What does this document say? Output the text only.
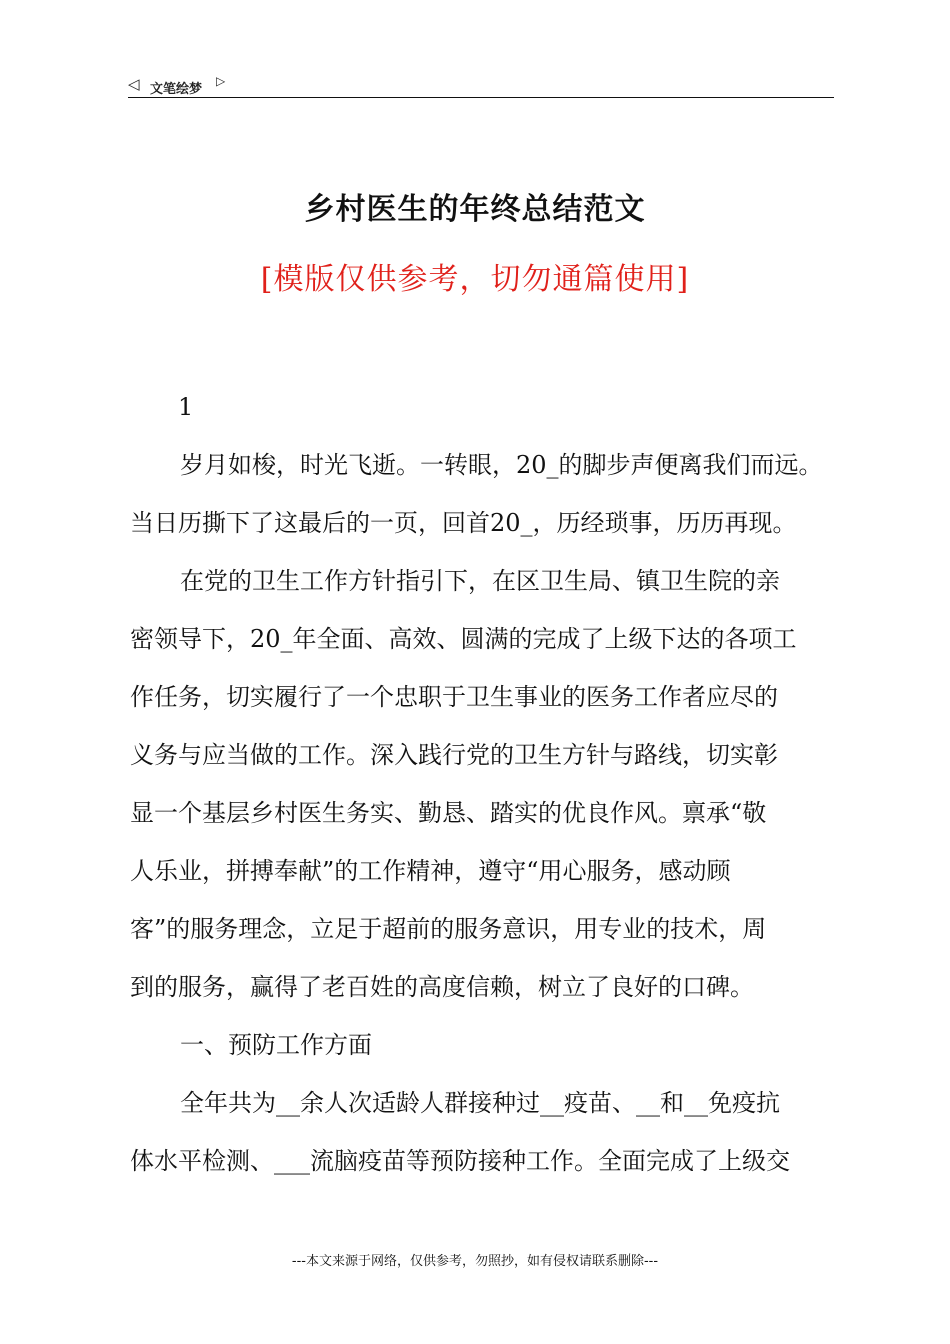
◁ 文笔绘梦
▷
乡村医生的年终总结范文
[模版仅供参考，切勿通篇使用]
1
岁月如梭，时光飞逝。一转眼，20_的脚步声便离我们而远。
当日历撕下了这最后的一页，回首20_，历经琐事，历历再现。
在党的卫生工作方针指引下，在区卫生局、镇卫生院的亲
密领导下，20_年全面、高效、圆满的完成了上级下达的各项工
作任务，切实履行了一个忠职于卫生事业的医务工作者应尽的
义务与应当做的工作。深入践行党的卫生方针与路线，切实彰
显一个基层乡村医生务实、勤恳、踏实的优良作风。禀承“敬
人乐业，拼搏奉献”的工作精神，遵守“用心服务，感动顾
客”的服务理念，立足于超前的服务意识，用专业的技术，周
到的服务，赢得了老百姓的高度信赖，树立了良好的口碑。
一、预防工作方面
全年共为__余人次适龄人群接种过__疫苗、__和__免疫抗
体水平检测、___流脑疫苗等预防接种工作。全面完成了上级交
---本文来源于网络，仅供参考，勿照抄，如有侵权请联系删除---
